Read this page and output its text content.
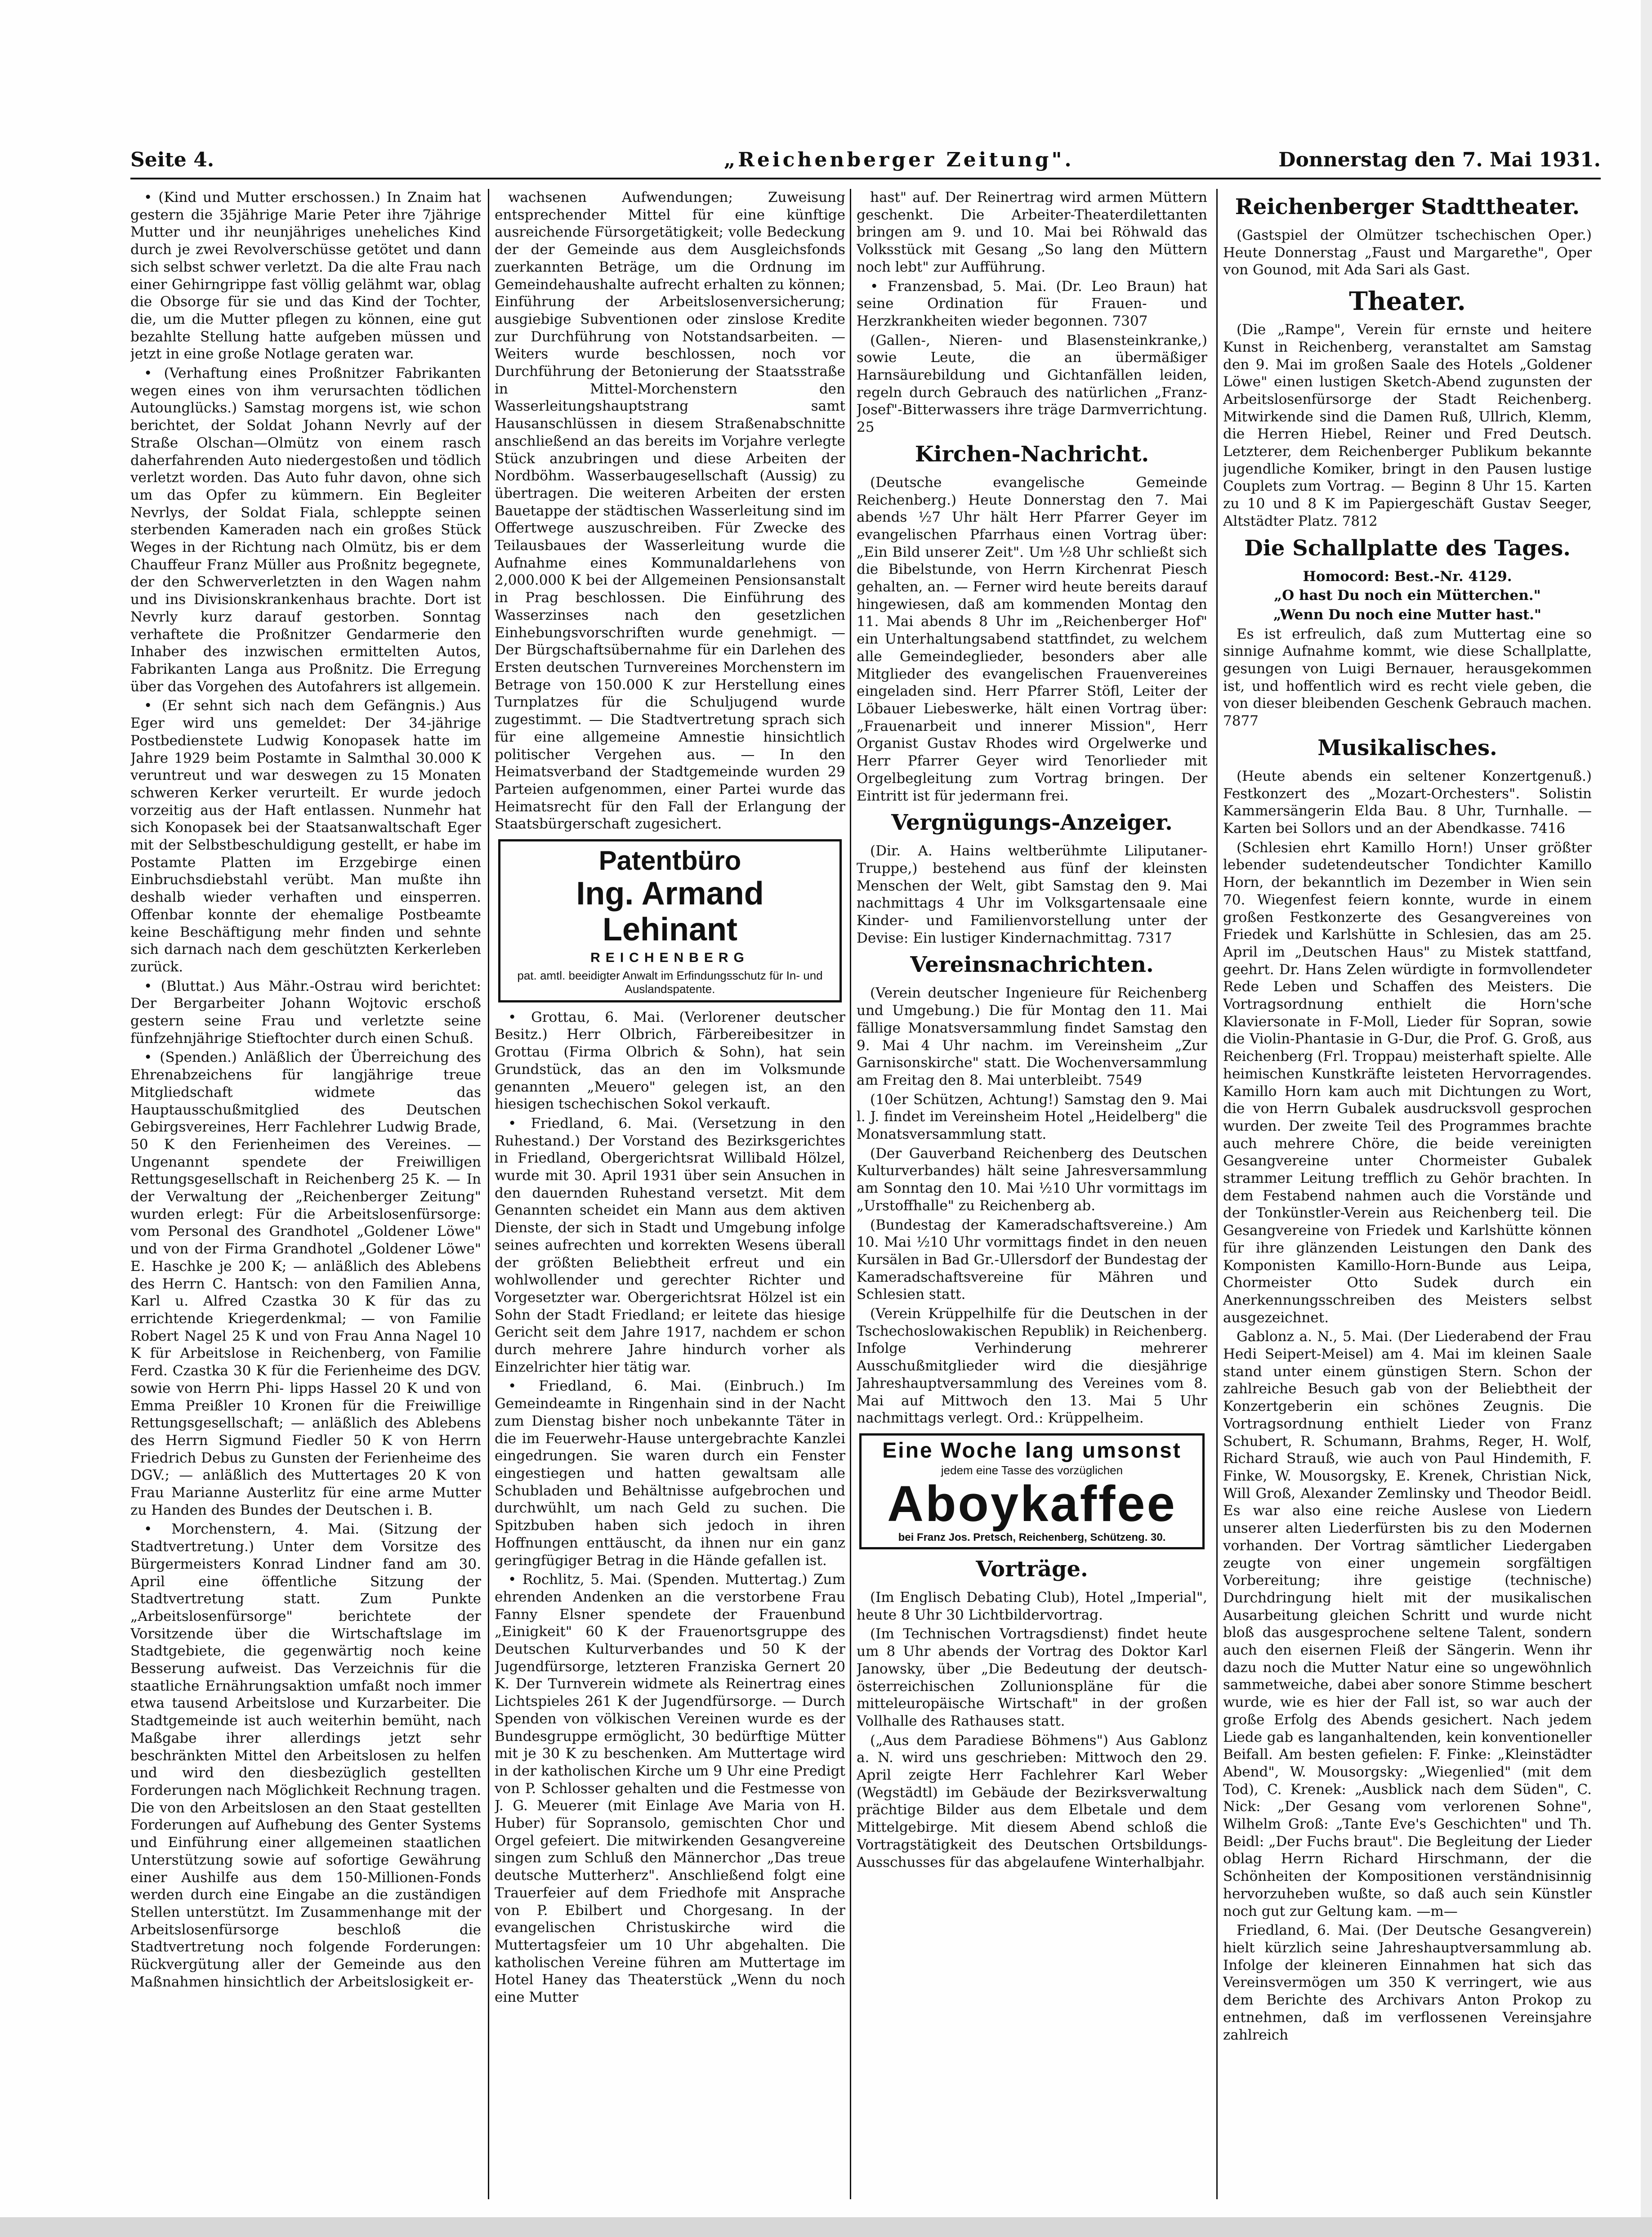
Seite 4.	„Reichenberger Zeitung".	Donnerstag den 7. Mai 1931.

• (Kind und Mutter erschossen.) In Znaim hat gestern die 35jährige Marie Peter ihre 7jährige Mutter und ihr neunjähriges uneheliches Kind durch je zwei Revolverschüsse getötet und dann sich selbst schwer verletzt. Da die alte Frau nach einer Gehirngrippe fast völlig gelähmt war, oblag die Obsorge für sie und das Kind der Tochter, die, um die Mutter pflegen zu können, eine gut bezahlte Stellung hatte aufgeben müssen und jetzt in eine große Notlage geraten war.

• (Verhaftung eines Proßnitzer Fabrikanten wegen eines von ihm verursachten tödlichen Autounglücks.) Samstag morgens ist, wie schon berichtet, der Soldat Johann Nevrly auf der Straße Olschan—Olmütz von einem rasch daherfahrenden Auto niedergestoßen und tödlich verletzt worden. Das Auto fuhr davon, ohne sich um das Opfer zu kümmern. Ein Begleiter Nevrlys, der Soldat Fiala, schleppte seinen sterbenden Kameraden nach ein großes Stück Weges in der Richtung nach Olmütz, bis er dem Chauffeur Franz Müller aus Proßnitz begegnete, der den Schwerverletzten in den Wagen nahm und ins Divisionskrankenhaus brachte. Dort ist Nevrly kurz darauf gestorben. Sonntag verhaftete die Proßnitzer Gendarmerie den Inhaber des inzwischen ermittelten Autos, Fabrikanten Langa aus Proßnitz. Die Erregung über das Vorgehen des Autofahrers ist allgemein.

• (Er sehnt sich nach dem Gefängnis.) Aus Eger wird uns gemeldet: Der 34-jährige Postbedienstete Ludwig Konopasek hatte im Jahre 1929 beim Postamte in Salmthal 30.000 K veruntreut und war deswegen zu 15 Monaten schweren Kerker verurteilt. Er wurde jedoch vorzeitig aus der Haft entlassen. Nunmehr hat sich Konopasek bei der Staatsanwaltschaft Eger mit der Selbstbeschuldigung gestellt, er habe im Postamte Platten im Erzgebirge einen Einbruchsdiebstahl verübt. Man mußte ihn deshalb wieder verhaften und einsperren. Offenbar konnte der ehemalige Postbeamte keine Beschäftigung mehr finden und sehnte sich darnach nach dem geschützten Kerkerleben zurück.

• (Bluttat.) Aus Mähr.-Ostrau wird berichtet: Der Bergarbeiter Johann Wojtovic erschoß gestern seine Frau und verletzte seine fünfzehnjährige Stieftochter durch einen Schuß.

• (Spenden.) Anläßlich der Überreichung des Ehrenabzeichens für langjährige treue Mitgliedschaft widmete das Hauptausschußmitglied des Deutschen Gebirgsvereines, Herr Fachlehrer Ludwig Brade, 50 K den Ferienheimen des Vereines. — Ungenannt spendete der Freiwilligen Rettungsgesellschaft in Reichenberg 25 K. — In der Verwaltung der „Reichenberger Zeitung" wurden erlegt: Für die Arbeitslosenfürsorge: vom Personal des Grandhotel „Goldener Löwe" und von der Firma Grandhotel „Goldener Löwe" E. Haschke je 200 K; — anläßlich des Ablebens des Herrn C. Hantsch: von den Familien Anna, Karl u. Alfred Czastka 30 K für das zu errichtende Kriegerdenkmal; — von Familie Robert Nagel 25 K und von Frau Anna Nagel 10 K für Arbeitslose in Reichenberg, von Familie Ferd. Czastka 30 K für die Ferienheime des DGV. sowie von Herrn Phi- lipps Hassel 20 K und von Emma Preißler 10 Kronen für die Freiwillige Rettungsgesellschaft; — anläßlich des Ablebens des Herrn Sigmund Fiedler 50 K von Herrn Friedrich Debus zu Gunsten der Ferienheime des DGV.; — anläßlich des Muttertages 20 K von Frau Marianne Austerlitz für eine arme Mutter zu Handen des Bundes der Deutschen i. B.

• Morchenstern, 4. Mai. (Sitzung der Stadtvertretung.) Unter dem Vorsitze des Bürgermeisters Konrad Lindner fand am 30. April eine öffentliche Sitzung der Stadtvertretung statt. Zum Punkte „Arbeitslosenfürsorge" berichtete der Vorsitzende über die Wirtschaftslage im Stadtgebiete, die gegenwärtig noch keine Besserung aufweist. Das Verzeichnis für die staatliche Ernährungsaktion umfaßt noch immer etwa tausend Arbeitslose und Kurzarbeiter. Die Stadtgemeinde ist auch weiterhin bemüht, nach Maßgabe ihrer allerdings jetzt sehr beschränkten Mittel den Arbeitslosen zu helfen und wird den diesbezüglich gestellten Forderungen nach Möglichkeit Rechnung tragen. Die von den Arbeitslosen an den Staat gestellten Forderungen auf Aufhebung des Genter Systems und Einführung einer allgemeinen staatlichen Unterstützung sowie auf sofortige Gewährung einer Aushilfe aus dem 150-Millionen-Fonds werden durch eine Eingabe an die zuständigen Stellen unterstützt. Im Zusammenhange mit der Arbeitslosenfürsorge beschloß die Stadtvertretung noch folgende Forderungen: Rückvergütung aller der Gemeinde aus den Maßnahmen hinsichtlich der Arbeitslosigkeit er-

wachsenen Aufwendungen; Zuweisung entsprechender Mittel für eine künftige ausreichende Fürsorgetätigkeit; volle Bedeckung der der Gemeinde aus dem Ausgleichsfonds zuerkannten Beträge, um die Ordnung im Gemeindehaushalte aufrecht erhalten zu können; Einführung der Arbeitslosenversicherung; ausgiebige Subventionen oder zinslose Kredite zur Durchführung von Notstandsarbeiten. — Weiters wurde beschlossen, noch vor Durchführung der Betonierung der Staatsstraße in Mittel-Morchenstern den Wasserleitungshauptstrang samt Hausanschlüssen in diesem Straßenabschnitte anschließend an das bereits im Vorjahre verlegte Stück anzubringen und diese Arbeiten der Nordböhm. Wasserbaugesellschaft (Aussig) zu übertragen. Die weiteren Arbeiten der ersten Bauetappe der städtischen Wasserleitung sind im Offertwege auszuschreiben. Für Zwecke des Teilausbaues der Wasserleitung wurde die Aufnahme eines Kommunaldarlehens von 2,000.000 K bei der Allgemeinen Pensionsanstalt in Prag beschlossen. Die Einführung des Wasserzinses nach den gesetzlichen Einhebungsvorschriften wurde genehmigt. — Der Bürgschaftsübernahme für ein Darlehen des Ersten deutschen Turnvereines Morchenstern im Betrage von 150.000 K zur Herstellung eines Turnplatzes für die Schuljugend wurde zugestimmt. — Die Stadtvertretung sprach sich für eine allgemeine Amnestie hinsichtlich politischer Vergehen aus. — In den Heimatsverband der Stadtgemeinde wurden 29 Parteien aufgenommen, einer Partei wurde das Heimatsrecht für den Fall der Erlangung der Staatsbürgerschaft zugesichert.

Patentbüro
Ing. Armand Lehinant
REICHENBERG
pat. amtl. beeidigter Anwalt im Erfindungsschutz für In- und Auslandspatente.

• Grottau, 6. Mai. (Verlorener deutscher Besitz.) Herr Olbrich, Färbereibesitzer in Grottau (Firma Olbrich & Sohn), hat sein Grundstück, das an den im Volksmunde genannten „Meuero" gelegen ist, an den hiesigen tschechischen Sokol verkauft.

• Friedland, 6. Mai. (Versetzung in den Ruhestand.) Der Vorstand des Bezirksgerichtes in Friedland, Obergerichtsrat Willibald Hölzel, wurde mit 30. April 1931 über sein Ansuchen in den dauernden Ruhestand versetzt. Mit dem Genannten scheidet ein Mann aus dem aktiven Dienste, der sich in Stadt und Umgebung infolge seines aufrechten und korrekten Wesens überall der größten Beliebtheit erfreut und ein wohlwollender und gerechter Richter und Vorgesetzter war. Obergerichtsrat Hölzel ist ein Sohn der Stadt Friedland; er leitete das hiesige Gericht seit dem Jahre 1917, nachdem er schon durch mehrere Jahre hindurch vorher als Einzelrichter hier tätig war.

• Friedland, 6. Mai. (Einbruch.) Im Gemeindeamte in Ringenhain sind in der Nacht zum Dienstag bisher noch unbekannte Täter in die im Feuerwehr-Hause untergebrachte Kanzlei eingedrungen. Sie waren durch ein Fenster eingestiegen und hatten gewaltsam alle Schubladen und Behältnisse aufgebrochen und durchwühlt, um nach Geld zu suchen. Die Spitzbuben haben sich jedoch in ihren Hoffnungen enttäuscht, da ihnen nur ein ganz geringfügiger Betrag in die Hände gefallen ist.

• Rochlitz, 5. Mai. (Spenden. Muttertag.) Zum ehrenden Andenken an die verstorbene Frau Fanny Elsner spendete der Frauenbund „Einigkeit" 60 K der Frauenortsgruppe des Deutschen Kulturverbandes und 50 K der Jugendfürsorge, letzteren Franziska Gernert 20 K. Der Turnverein widmete als Reinertrag eines Lichtspieles 261 K der Jugendfürsorge. — Durch Spenden von völkischen Vereinen wurde es der Bundesgruppe ermöglicht, 30 bedürftige Mütter mit je 30 K zu beschenken. Am Muttertage wird in der katholischen Kirche um 9 Uhr eine Predigt von P. Schlosser gehalten und die Festmesse von J. G. Meuerer (mit Einlage Ave Maria von H. Huber) für Sopransolo, gemischten Chor und Orgel gefeiert. Die mitwirkenden Gesangvereine singen zum Schluß den Männerchor „Das treue deutsche Mutterherz". Anschließend folgt eine Trauerfeier auf dem Friedhofe mit Ansprache von P. Ebilbert und Chorgesang. In der evangelischen Christuskirche wird die Muttertagsfeier um 10 Uhr abgehalten. Die katholischen Vereine führen am Muttertage im Hotel Haney das Theaterstück „Wenn du noch eine Mutter

hast" auf. Der Reinertrag wird armen Müttern geschenkt. Die Arbeiter-Theaterdilettanten bringen am 9. und 10. Mai bei Röhwald das Volksstück mit Gesang „So lang den Müttern noch lebt" zur Aufführung.

• Franzensbad, 5. Mai. (Dr. Leo Braun) hat seine Ordination für Frauen- und Herzkrankheiten wieder begonnen. 7307

(Gallen-, Nieren- und Blasensteinkranke,) sowie Leute, die an übermäßiger Harnsäurebildung und Gichtanfällen leiden, regeln durch Gebrauch des natürlichen „Franz-Josef"-Bitterwassers ihre träge Darmverrichtung. 25

Kirchen-Nachricht.

(Deutsche evangelische Gemeinde Reichenberg.) Heute Donnerstag den 7. Mai abends ½7 Uhr hält Herr Pfarrer Geyer im evangelischen Pfarrhaus einen Vortrag über: „Ein Bild unserer Zeit". Um ½8 Uhr schließt sich die Bibelstunde, von Herrn Kirchenrat Piesch gehalten, an. — Ferner wird heute bereits darauf hingewiesen, daß am kommenden Montag den 11. Mai abends 8 Uhr im „Reichenberger Hof" ein Unterhaltungsabend stattfindet, zu welchem alle Gemeindeglieder, besonders aber alle Mitglieder des evangelischen Frauenvereines eingeladen sind. Herr Pfarrer Stöfl, Leiter der Löbauer Liebeswerke, hält einen Vortrag über: „Frauenarbeit und innerer Mission", Herr Organist Gustav Rhodes wird Orgelwerke und Herr Pfarrer Geyer wird Tenorlieder mit Orgelbegleitung zum Vortrag bringen. Der Eintritt ist für jedermann frei.

Vergnügungs-Anzeiger.

(Dir. A. Hains weltberühmte Liliputaner-Truppe,) bestehend aus fünf der kleinsten Menschen der Welt, gibt Samstag den 9. Mai nachmittags 4 Uhr im Volksgartensaale eine Kinder- und Familienvorstellung unter der Devise: Ein lustiger Kindernachmittag. 7317

Vereinsnachrichten.

(Verein deutscher Ingenieure für Reichenberg und Umgebung.) Die für Montag den 11. Mai fällige Monatsversammlung findet Samstag den 9. Mai 4 Uhr nachm. im Vereinsheim „Zur Garnisonskirche" statt. Die Wochenversammlung am Freitag den 8. Mai unterbleibt. 7549

(10er Schützen, Achtung!) Samstag den 9. Mai l. J. findet im Vereinsheim Hotel „Heidelberg" die Monatsversammlung statt.

(Der Gauverband Reichenberg des Deutschen Kulturverbandes) hält seine Jahresversammlung am Sonntag den 10. Mai ½10 Uhr vormittags im „Urstoffhalle" zu Reichenberg ab.

(Bundestag der Kameradschaftsvereine.) Am 10. Mai ½10 Uhr vormittags findet in den neuen Kursälen in Bad Gr.-Ullersdorf der Bundestag der Kameradschaftsvereine für Mähren und Schlesien statt.

(Verein Krüppelhilfe für die Deutschen in der Tschechoslowakischen Republik) in Reichenberg. Infolge Verhinderung mehrerer Ausschußmitglieder wird die diesjährige Jahreshauptversammlung des Vereines vom 8. Mai auf Mittwoch den 13. Mai 5 Uhr nachmittags verlegt. Ord.: Krüppelheim.

Eine Woche lang umsonst
jedem eine Tasse des vorzüglichen
Aboykaffee
bei Franz Jos. Pretsch, Reichenberg, Schützeng. 30.
Vorträge.

(Im Englisch Debating Club), Hotel „Imperial", heute 8 Uhr 30 Lichtbildervortrag.

(Im Technischen Vortragsdienst) findet heute um 8 Uhr abends der Vortrag des Doktor Karl Janowsky, über „Die Bedeutung der deutsch-österreichischen Zollunionspläne für die mitteleuropäische Wirtschaft" in der großen Vollhalle des Rathauses statt.

(„Aus dem Paradiese Böhmens") Aus Gablonz a. N. wird uns geschrieben: Mittwoch den 29. April zeigte Herr Fachlehrer Karl Weber (Wegstädtl) im Gebäude der Bezirksverwaltung prächtige Bilder aus dem Elbetale und dem Mittelgebirge. Mit diesem Abend schloß die Vortragstätigkeit des Deutschen Ortsbildungs-Ausschusses für das abgelaufene Winterhalbjahr.

Reichenberger Stadttheater.

(Gastspiel der Olmützer tschechischen Oper.) Heute Donnerstag „Faust und Margarethe", Oper von Gounod, mit Ada Sari als Gast.

Theater.

(Die „Rampe", Verein für ernste und heitere Kunst in Reichenberg, veranstaltet am Samstag den 9. Mai im großen Saale des Hotels „Goldener Löwe" einen lustigen Sketch-Abend zugunsten der Arbeitslosenfürsorge der Stadt Reichenberg. Mitwirkende sind die Damen Ruß, Ullrich, Klemm, die Herren Hiebel, Reiner und Fred Deutsch. Letzterer, dem Reichenberger Publikum bekannte jugendliche Komiker, bringt in den Pausen lustige Couplets zum Vortrag. — Beginn 8 Uhr 15. Karten zu 10 und 8 K im Papiergeschäft Gustav Seeger, Altstädter Platz. 7812

Die Schallplatte des Tages.

Homocord: Best.-Nr. 4129.

„O hast Du noch ein Mütterchen."

„Wenn Du noch eine Mutter hast."

Es ist erfreulich, daß zum Muttertag eine so sinnige Aufnahme kommt, wie diese Schallplatte, gesungen von Luigi Bernauer, herausgekommen ist, und hoffentlich wird es recht viele geben, die von dieser bleibenden Geschenk Gebrauch machen. 7877

Musikalisches.

(Heute abends ein seltener Konzertgenuß.) Festkonzert des „Mozart-Orchesters". Solistin Kammersängerin Elda Bau. 8 Uhr, Turnhalle. — Karten bei Sollors und an der Abendkasse. 7416

(Schlesien ehrt Kamillo Horn!) Unser größter lebender sudetendeutscher Tondichter Kamillo Horn, der bekanntlich im Dezember in Wien sein 70. Wiegenfest feiern konnte, wurde in einem großen Festkonzerte des Gesangvereines von Friedek und Karlshütte in Schlesien, das am 25. April im „Deutschen Haus" zu Mistek stattfand, geehrt. Dr. Hans Zelen würdigte in formvollendeter Rede Leben und Schaffen des Meisters. Die Vortragsordnung enthielt die Horn'sche Klaviersonate in F-Moll, Lieder für Sopran, sowie die Violin-Phantasie in G-Dur, die Prof. G. Groß, aus Reichenberg (Frl. Troppau) meisterhaft spielte. Alle heimischen Kunstkräfte leisteten Hervorragendes. Kamillo Horn kam auch mit Dichtungen zu Wort, die von Herrn Gubalek ausdrucksvoll gesprochen wurden. Der zweite Teil des Programmes brachte auch mehrere Chöre, die beide vereinigten Gesangvereine unter Chormeister Gubalek strammer Leitung trefflich zu Gehör brachten. In dem Festabend nahmen auch die Vorstände und der Tonkünstler-Verein aus Reichenberg teil. Die Gesangvereine von Friedek und Karlshütte können für ihre glänzenden Leistungen den Dank des Komponisten Kamillo-Horn-Bunde aus Leipa, Chormeister Otto Sudek durch ein Anerkennungsschreiben des Meisters selbst ausgezeichnet.

Gablonz a. N., 5. Mai. (Der Liederabend der Frau Hedi Seipert-Meisel) am 4. Mai im kleinen Saale stand unter einem günstigen Stern. Schon der zahlreiche Besuch gab von der Beliebtheit der Konzertgeberin ein schönes Zeugnis. Die Vortragsordnung enthielt Lieder von Franz Schubert, R. Schumann, Brahms, Reger, H. Wolf, Richard Strauß, wie auch von Paul Hindemith, F. Finke, W. Mousorgsky, E. Krenek, Christian Nick, Will Groß, Alexander Zemlinsky und Theodor Beidl. Es war also eine reiche Auslese von Liedern unserer alten Liederfürsten bis zu den Modernen vorhanden. Der Vortrag sämtlicher Liedergaben zeugte von einer ungemein sorgfältigen Vorbereitung; ihre geistige (technische) Durchdringung hielt mit der musikalischen Ausarbeitung gleichen Schritt und wurde nicht bloß das ausgesprochene seltene Talent, sondern auch den eisernen Fleiß der Sängerin. Wenn ihr dazu noch die Mutter Natur eine so ungewöhnlich sammetweiche, dabei aber sonore Stimme beschert wurde, wie es hier der Fall ist, so war auch der große Erfolg des Abends gesichert. Nach jedem Liede gab es langanhaltenden, kein konventioneller Beifall. Am besten gefielen: F. Finke: „Kleinstädter Abend", W. Mousorgsky: „Wiegenlied" (mit dem Tod), C. Krenek: „Ausblick nach dem Süden", C. Nick: „Der Gesang vom verlorenen Sohne", Wilhelm Groß: „Tante Eve's Geschichten" und Th. Beidl: „Der Fuchs braut". Die Begleitung der Lieder oblag Herrn Richard Hirschmann, der die Schönheiten der Kompositionen verständnisinnig hervorzuheben wußte, so daß auch sein Künstler noch gut zur Geltung kam. —m—

Friedland, 6. Mai. (Der Deutsche Gesangverein) hielt kürzlich seine Jahreshauptversammlung ab. Infolge der kleineren Einnahmen hat sich das Vereinsvermögen um 350 K verringert, wie aus dem Berichte des Archivars Anton Prokop zu entnehmen, daß im verflossenen Vereinsjahre zahlreich
